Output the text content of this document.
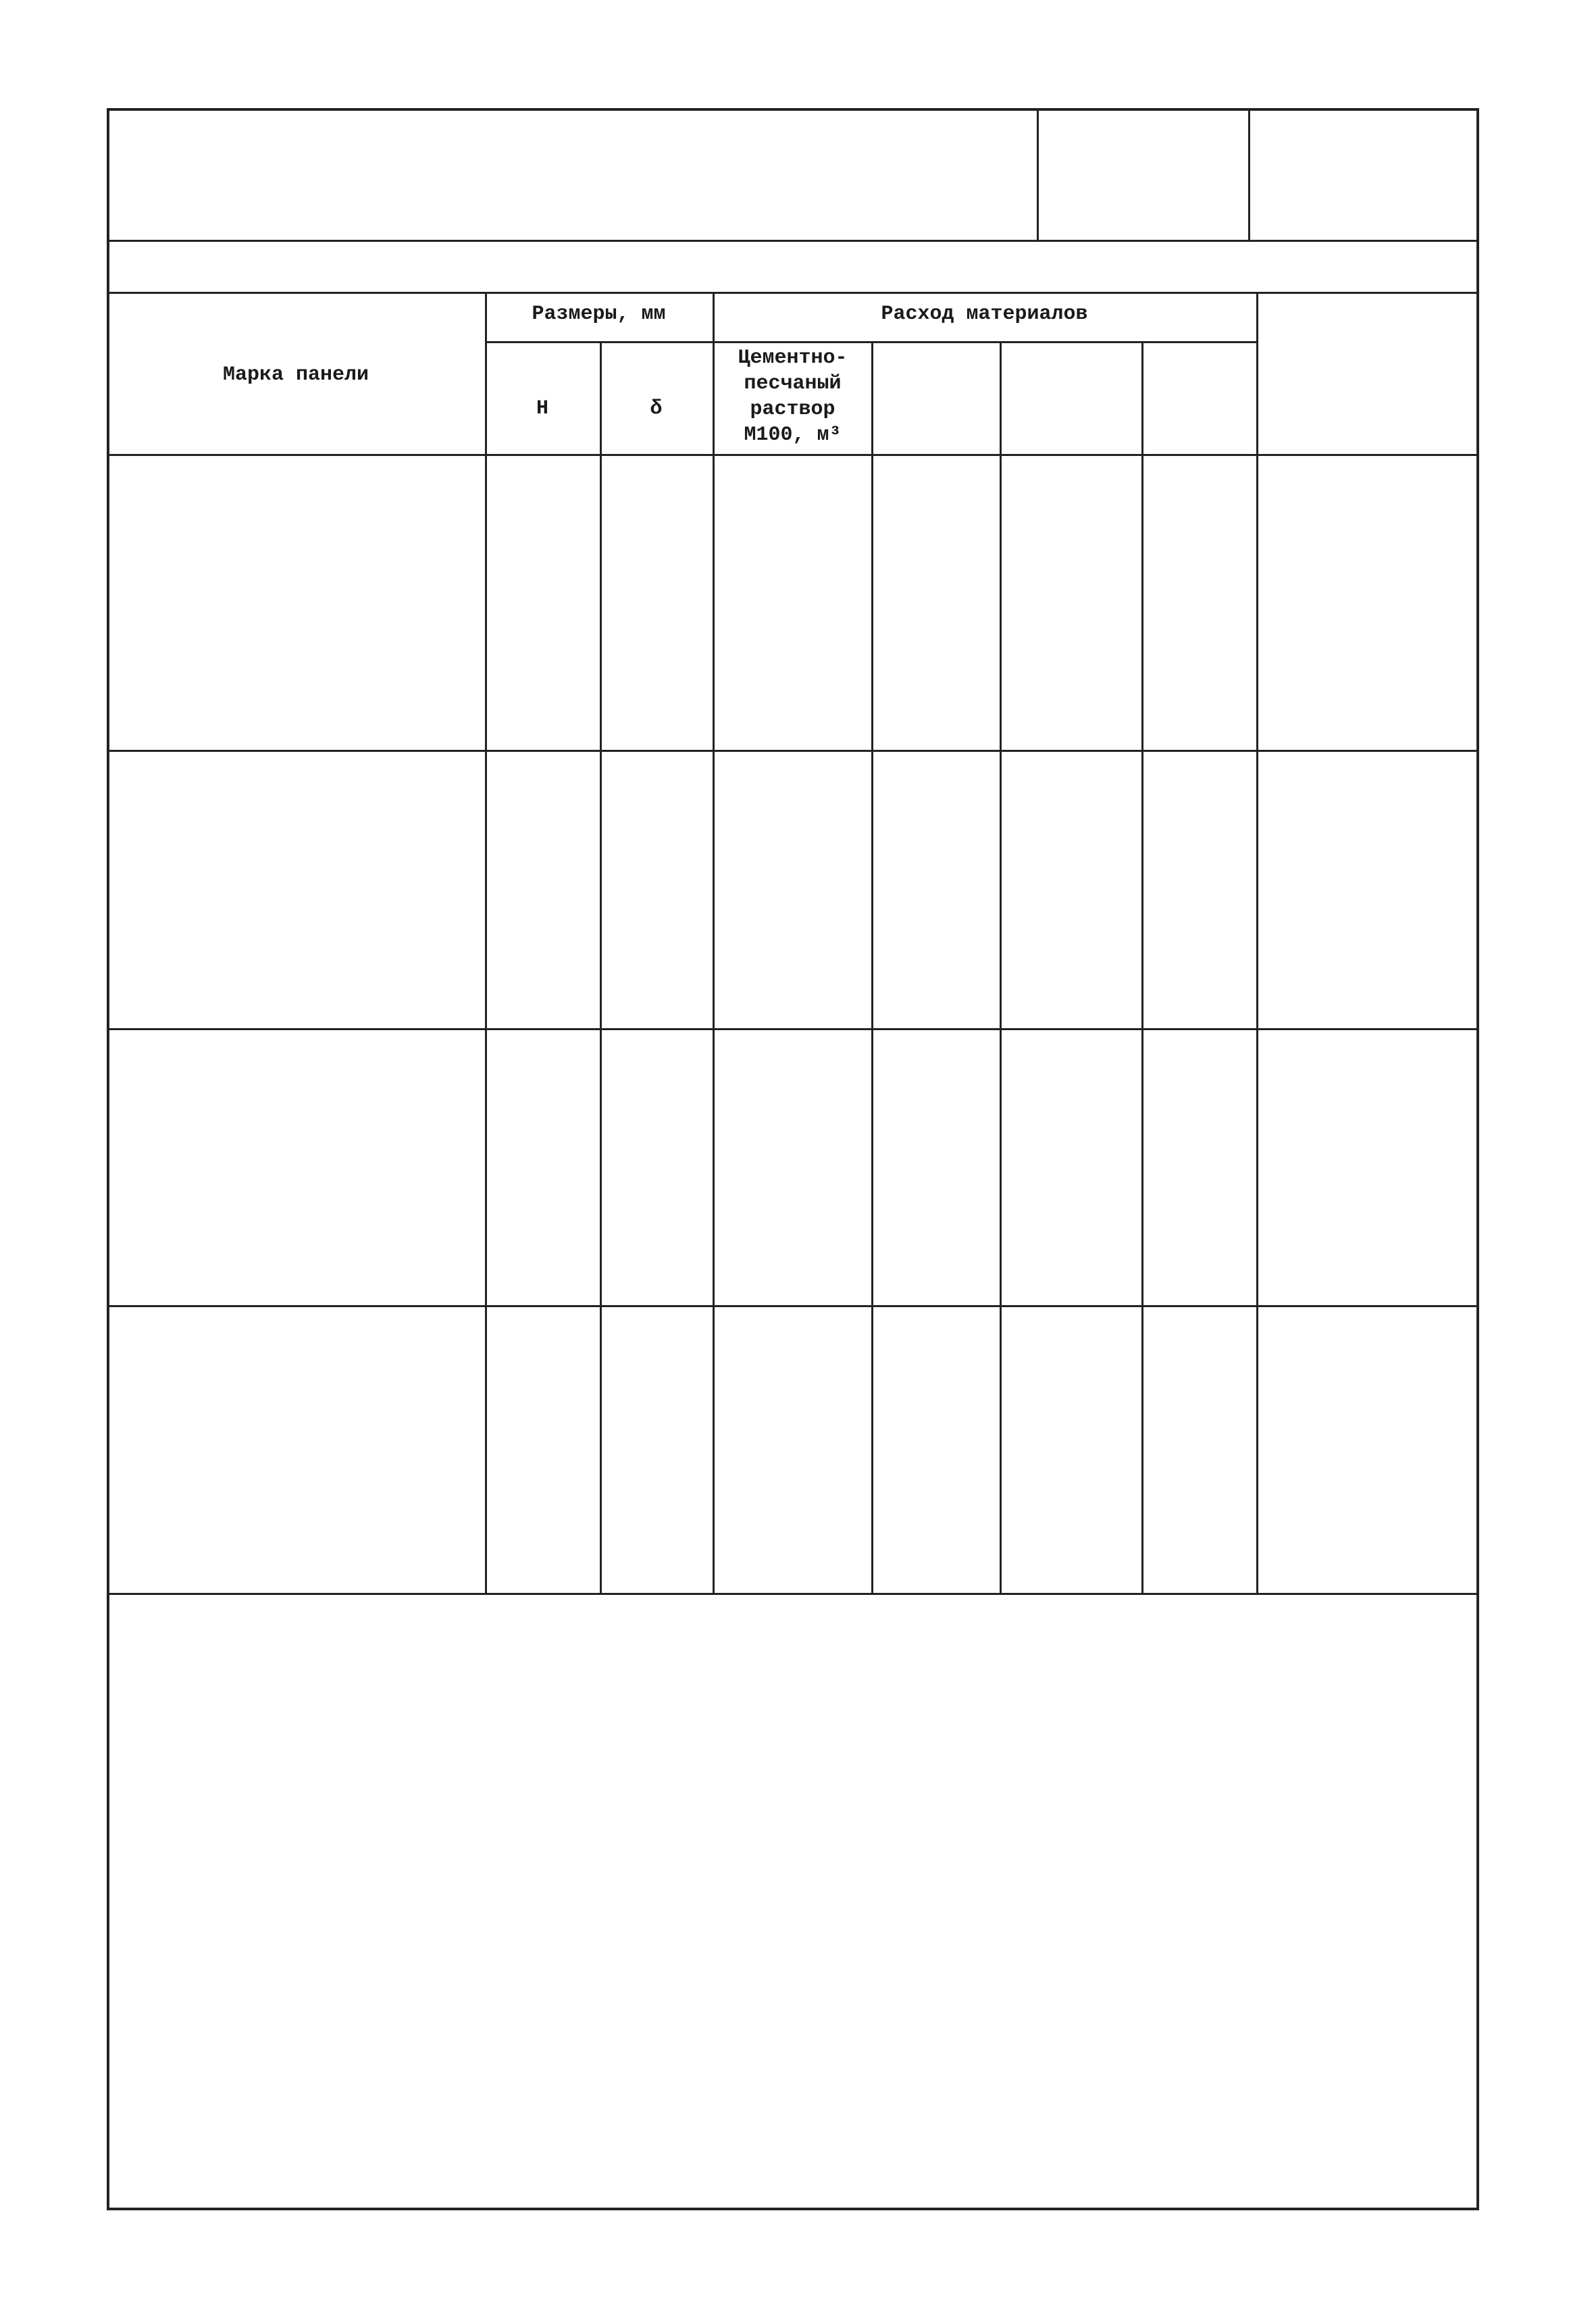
Марка панели
Размеры, мм
Н	δ
Расход материалов
Цементно-
песчаный
раствор
М100, м³
